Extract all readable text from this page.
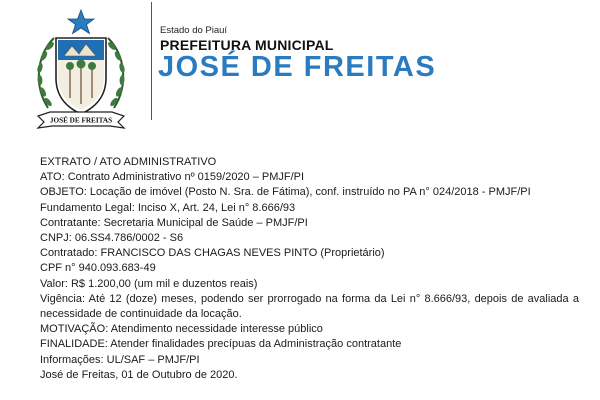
JOSÉ DE FREITAS
Estado do Piauí
PREFEITURA MUNICIPAL
JOSÉ DE FREITAS
EXTRATO / ATO ADMINISTRATIVO
ATO: Contrato Administrativo nº 0159/2020 – PMJF/PI
OBJETO: Locação de imóvel (Posto N. Sra. de Fátima), conf. instruído no PA n° 024/2018 - PMJF/PI
Fundamento Legal: Inciso X, Art. 24, Lei n° 8.666/93
Contratante: Secretaria Municipal de Saúde – PMJF/PI
CNPJ: 06.SS4.786/0002 - S6
Contratado: FRANCISCO DAS CHAGAS NEVES PINTO (Proprietário)
CPF n° 940.093.683-49
Valor: R$ 1.200,00 (um mil e duzentos reais)
Vigência: Até 12 (doze) meses, podendo ser prorrogado na forma da Lei n° 8.666/93, depois de avaliada a necessidade de continuidade da locação.
MOTIVAÇÃO: Atendimento necessidade interesse público
FINALIDADE: Atender finalidades precípuas da Administração contratante
Informações: UL/SAF – PMJF/PI
José de Freitas, 01 de Outubro de 2020.
